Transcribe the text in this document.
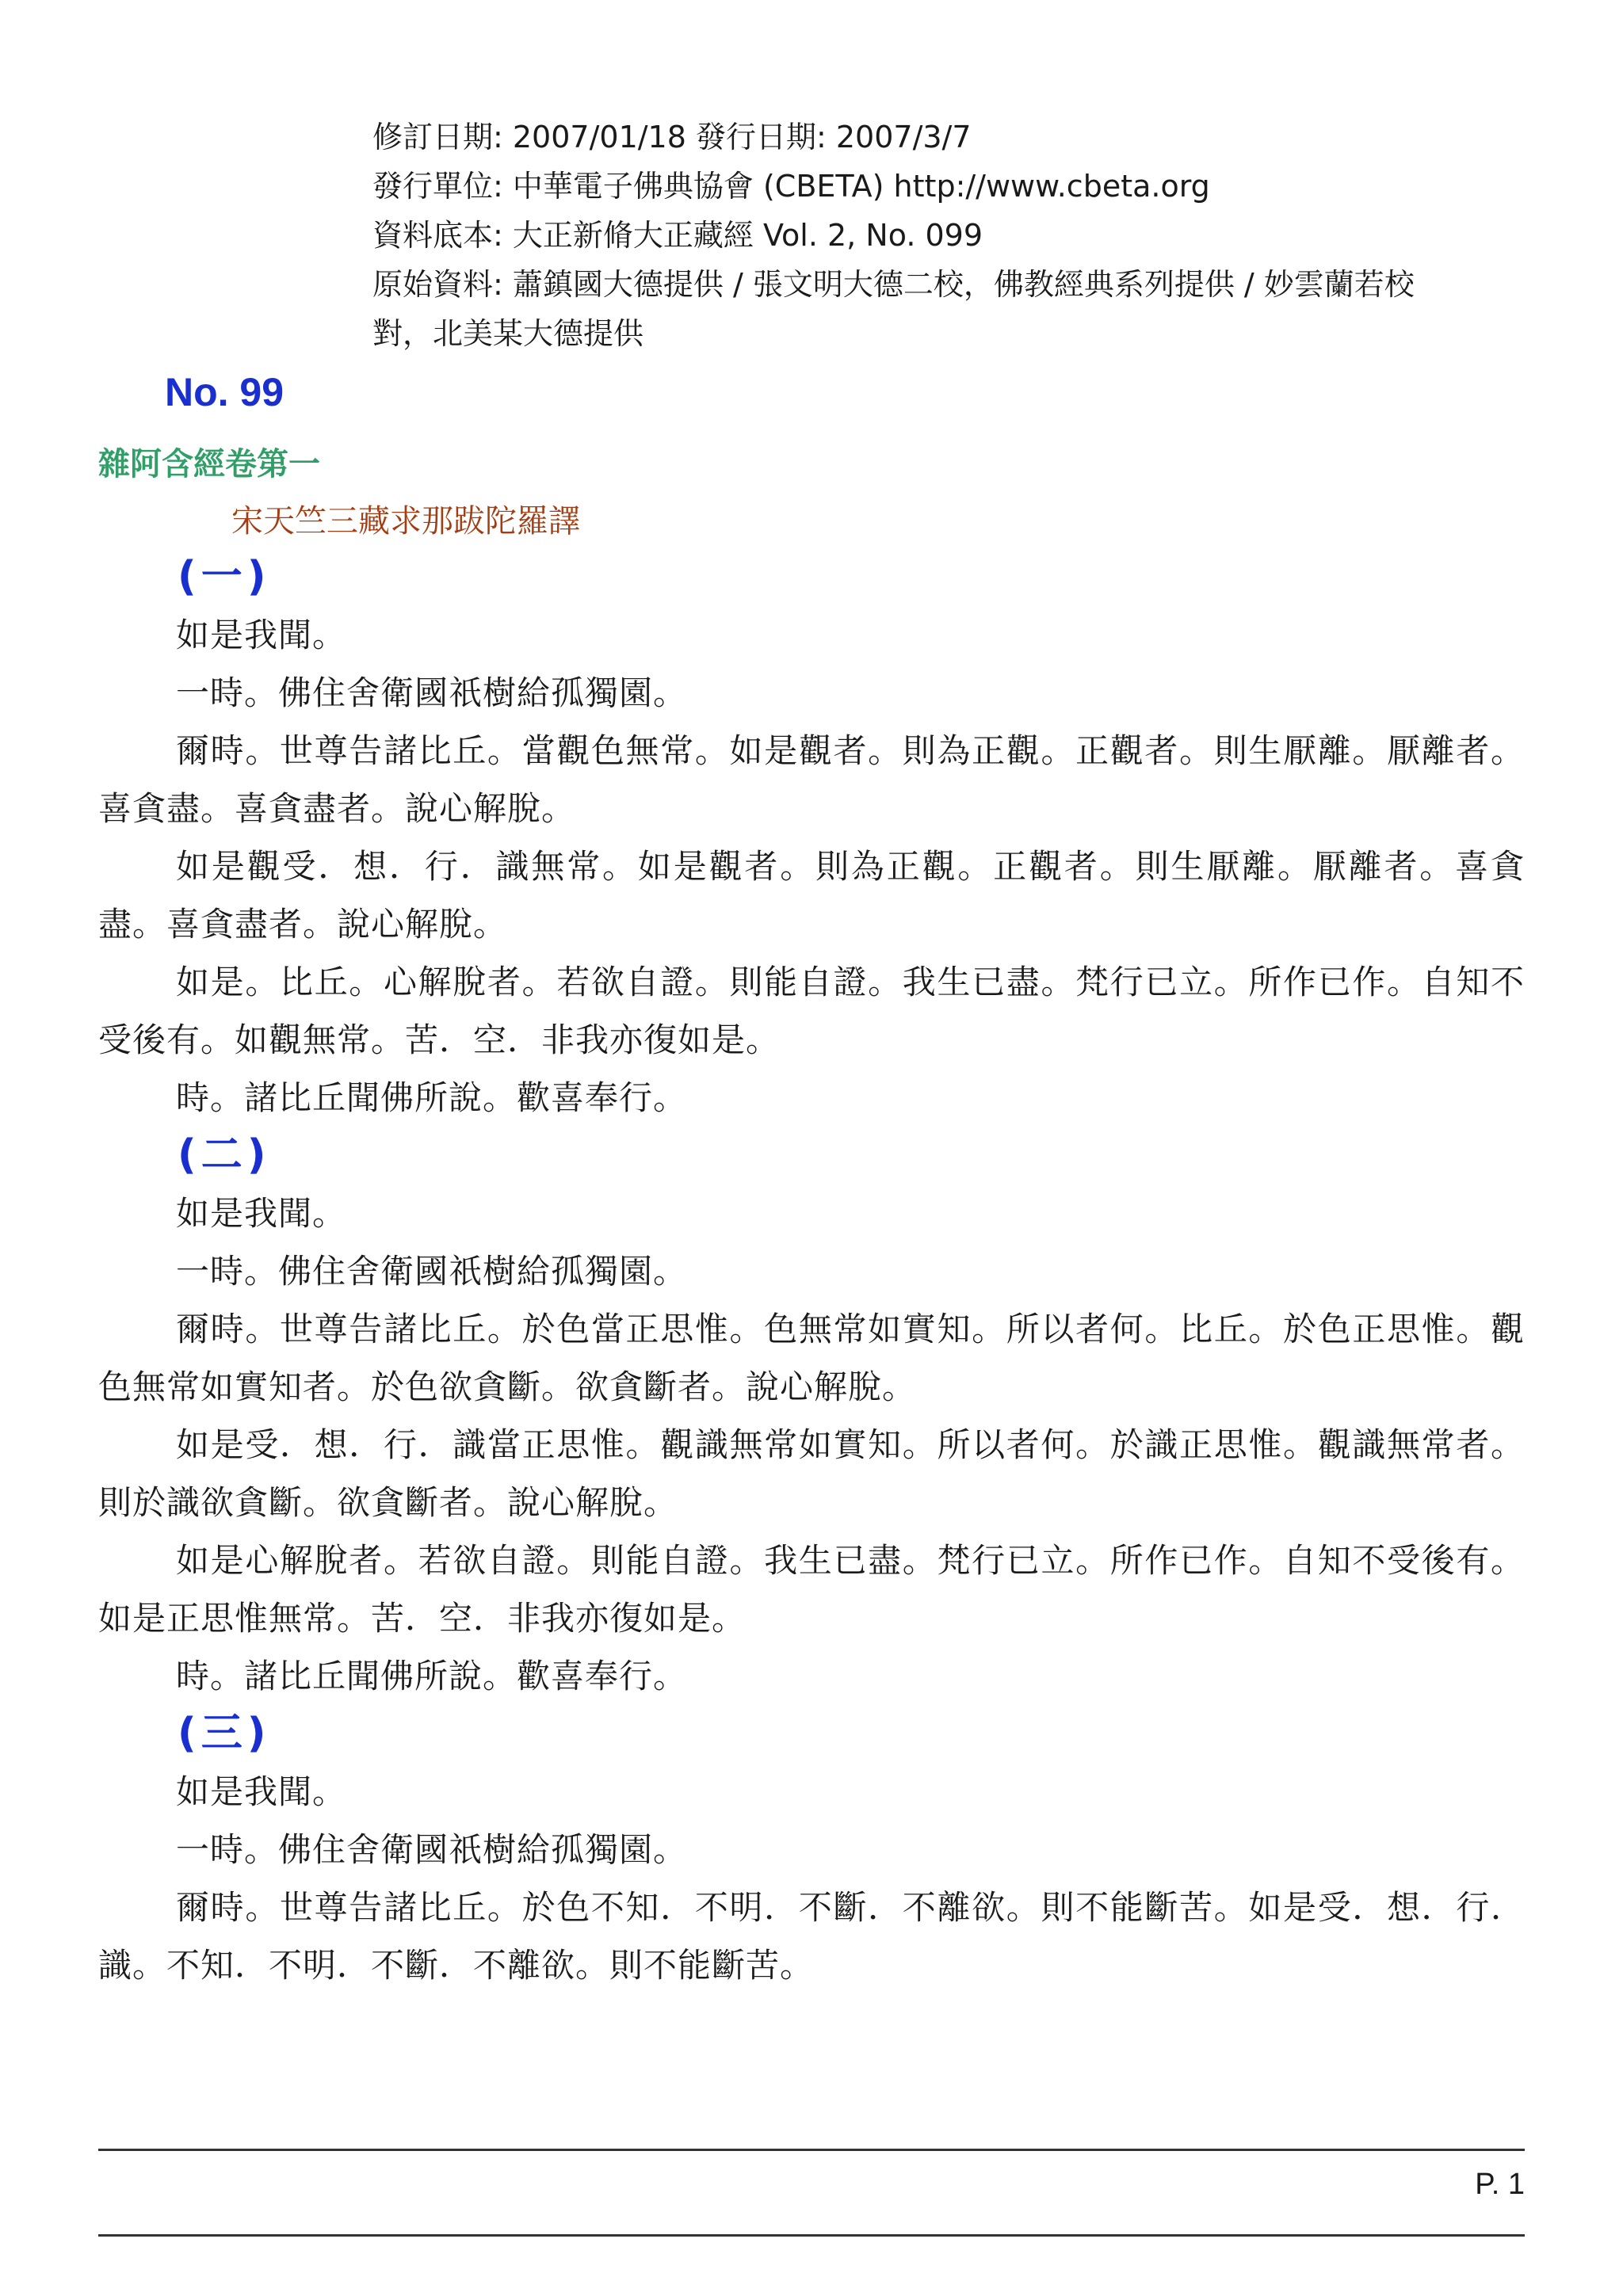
修訂日期: 2007/01/18 發行日期: 2007/3/7
發行單位: 中華電子佛典協會 (CBETA) http://www.cbeta.org
資料底本: 大正新脩大正藏經 Vol. 2, No. 099
原始資料: 蕭鎮國大德提供 / 張文明大德二校，佛教經典系列提供 / 妙雲蘭若校
對，北美某大德提供
No. 99
雜阿含經卷第一
宋天竺三藏求那跋陀羅譯
(一)

如是我聞。

一時。佛住舍衛國祇樹給孤獨園。

爾時。世尊告諸比丘。當觀色無常。如是觀者。則為正觀。正觀者。則生厭離。厭離者。喜貪盡。喜貪盡者。說心解脫。

如是觀受．想．行．識無常。如是觀者。則為正觀。正觀者。則生厭離。厭離者。喜貪盡。喜貪盡者。說心解脫。

如是。比丘。心解脫者。若欲自證。則能自證。我生已盡。梵行已立。所作已作。自知不受後有。如觀無常。苦．空．非我亦復如是。

時。諸比丘聞佛所說。歡喜奉行。

(二)

如是我聞。

一時。佛住舍衛國祇樹給孤獨園。

爾時。世尊告諸比丘。於色當正思惟。色無常如實知。所以者何。比丘。於色正思惟。觀色無常如實知者。於色欲貪斷。欲貪斷者。說心解脫。

如是受．想．行．識當正思惟。觀識無常如實知。所以者何。於識正思惟。觀識無常者。則於識欲貪斷。欲貪斷者。說心解脫。

如是心解脫者。若欲自證。則能自證。我生已盡。梵行已立。所作已作。自知不受後有。如是正思惟無常。苦．空．非我亦復如是。

時。諸比丘聞佛所說。歡喜奉行。

(三)

如是我聞。

一時。佛住舍衛國祇樹給孤獨園。

爾時。世尊告諸比丘。於色不知．不明．不斷．不離欲。則不能斷苦。如是受．想．行．識。不知．不明．不斷．不離欲。則不能斷苦。

P. 1
